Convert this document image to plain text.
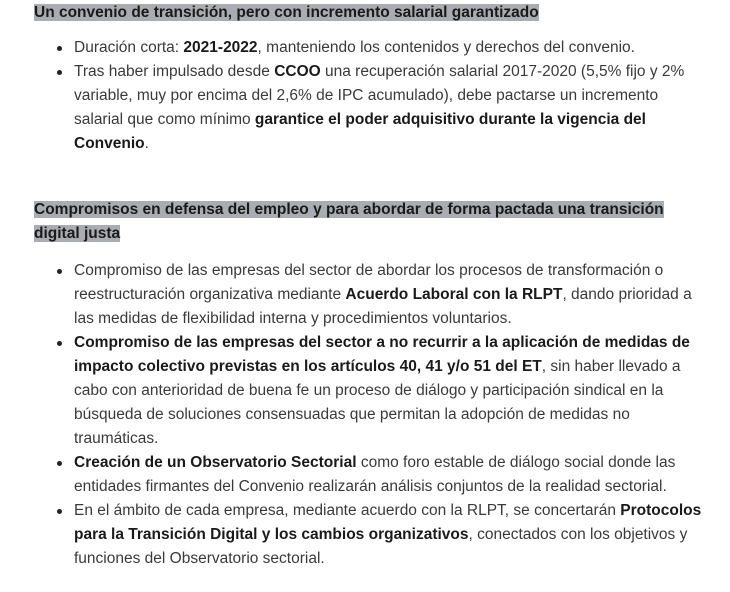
Un convenio de transición, pero con incremento salarial garantizado
Duración corta: 2021-2022, manteniendo los contenidos y derechos del convenio.
Tras haber impulsado desde CCOO una recuperación salarial 2017-2020 (5,5% fijo y 2% variable, muy por encima del 2,6% de IPC acumulado), debe pactarse un incremento salarial que como mínimo garantice el poder adquisitivo durante la vigencia del Convenio.
Compromisos en defensa del empleo y para abordar de forma pactada una transición digital justa
Compromiso de las empresas del sector de abordar los procesos de transformación o reestructuración organizativa mediante Acuerdo Laboral con la RLPT, dando prioridad a las medidas de flexibilidad interna y procedimientos voluntarios.
Compromiso de las empresas del sector a no recurrir a la aplicación de medidas de impacto colectivo previstas en los artículos 40, 41 y/o 51 del ET, sin haber llevado a cabo con anterioridad de buena fe un proceso de diálogo y participación sindical en la búsqueda de soluciones consensuadas que permitan la adopción de medidas no traumáticas.
Creación de un Observatorio Sectorial como foro estable de diálogo social donde las entidades firmantes del Convenio realizarán análisis conjuntos de la realidad sectorial.
En el ámbito de cada empresa, mediante acuerdo con la RLPT, se concertarán Protocolos para la Transición Digital y los cambios organizativos, conectados con los objetivos y funciones del Observatorio sectorial.
